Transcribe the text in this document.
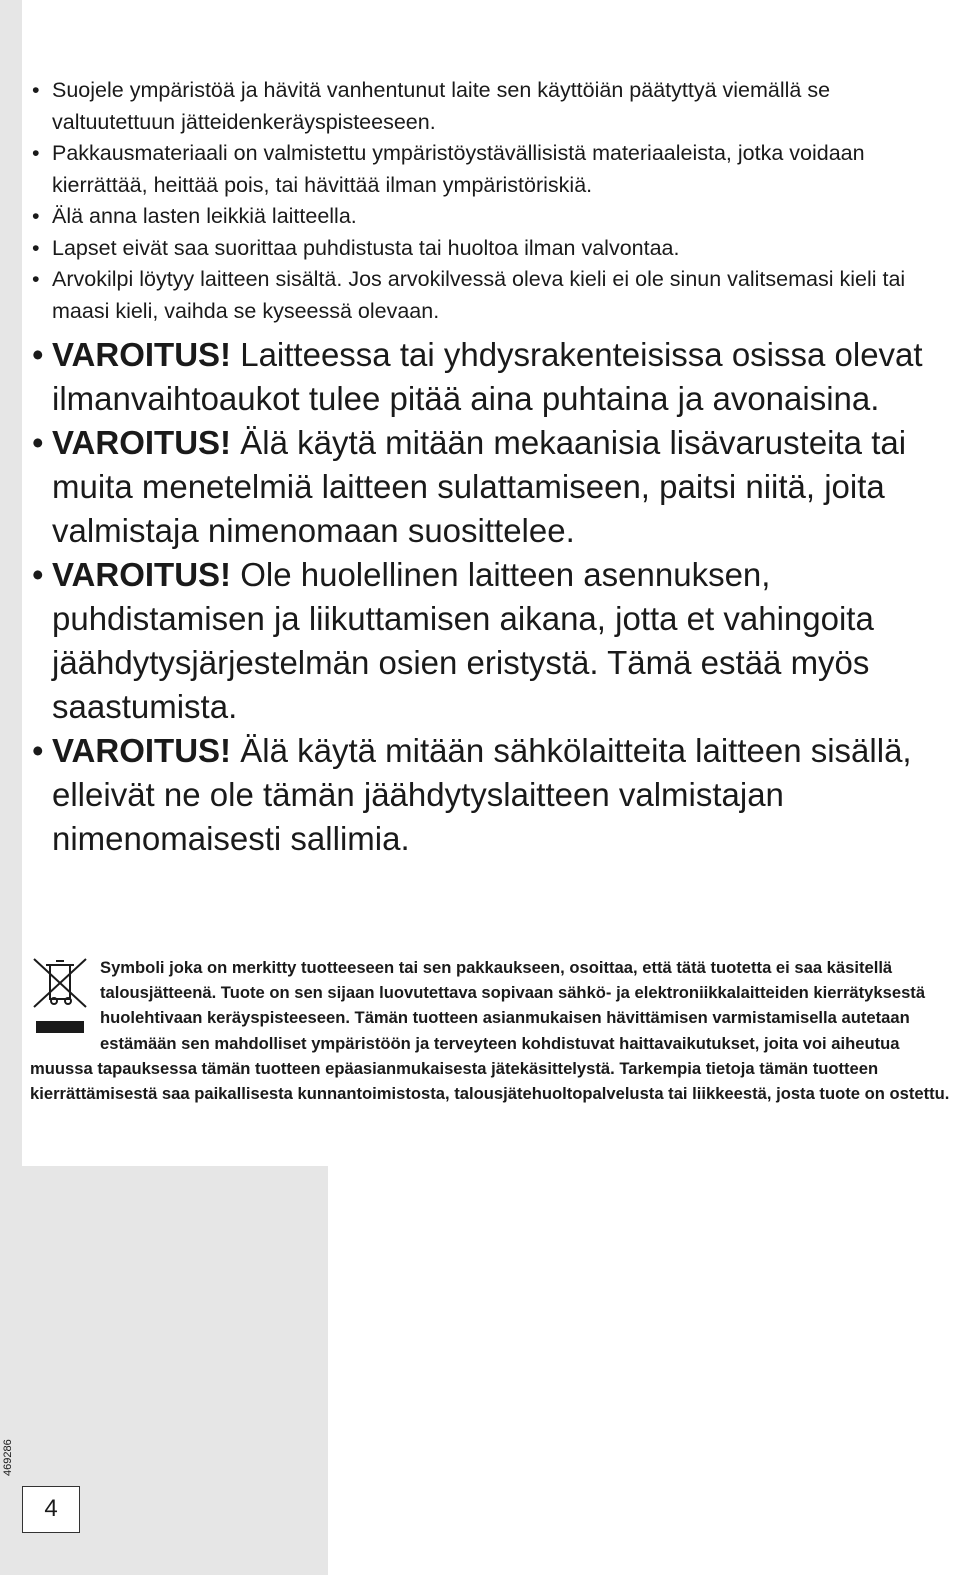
• Suojele ympäristöä ja hävitä vanhentunut laite sen käyttöiän päätyttyä viemällä se valtuutettuun jätteidenkeräyspisteeseen.
• Pakkausmateriaali on valmistettu ympäristöystävällisistä materiaaleista, jotka voidaan kierrättää, heittää pois, tai hävittää ilman ympäristöriskiä.
• Älä anna lasten leikkiä laitteella.
• Lapset eivät saa suorittaa puhdistusta tai huoltoa ilman valvontaa.
• Arvokilpi löytyy laitteen sisältä. Jos arvokilvessä oleva kieli ei ole sinun valitsemasi kieli tai maasi kieli, vaihda se kyseessä olevaan.
• VAROITUS! Laitteessa tai yhdysrakenteisissa osissa olevat ilmanvaihtoaukot tulee pitää aina puhtaina ja avonaisina.
• VAROITUS! Älä käytä mitään mekaanisia lisävarusteita tai muita menetelmiä laitteen sulattamiseen, paitsi niitä, joita valmistaja nimenomaan suosittelee.
• VAROITUS! Ole huolellinen laitteen asennuksen, puhdistamisen ja liikuttamisen aikana, jotta et vahingoita jäähdytysjärjestelmän osien eristystä. Tämä estää myös saastumista.
• VAROITUS! Älä käytä mitään sähkölaitteita laitteen sisällä, elleivät ne ole tämän jäähdytyslaitteen valmistajan nimenomaisesti sallimia.
Symboli joka on merkitty tuotteeseen tai sen pakkaukseen, osoittaa, että tätä tuotetta ei saa käsitellä talousjätteenä. Tuote on sen sijaan luovutettava sopivaan sähkö- ja elektroniikkalaitteiden kierrätyksestä huolehtivaan keräyspisteeseen. Tämän tuotteen asianmukaisen hävittämisen varmistamisella autetaan estämään sen mahdolliset ympäristöön ja terveyteen kohdistuvat haittavaikutukset, joita voi aiheutua muussa tapauksessa tämän tuotteen epäasianmukaisesta jätekäsittelystä. Tarkempia tietoja tämän tuotteen kierrättämisestä saa paikallisesta kunnantoimistosta, talousjätehuoltopalvelusta tai liikkeestä, josta tuote on ostettu.
469286
4
